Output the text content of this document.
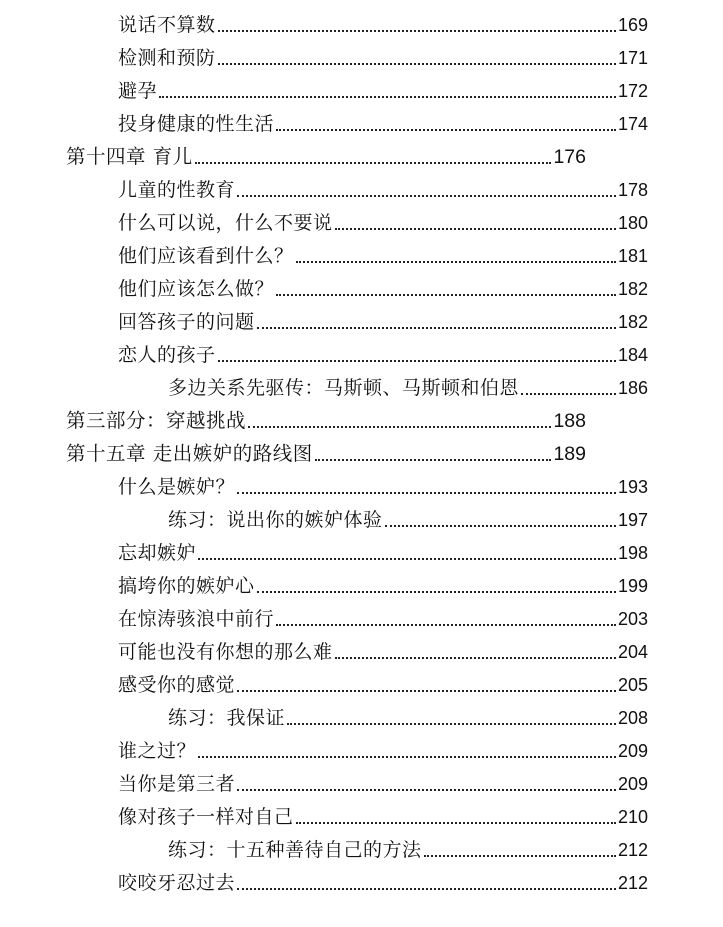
说话不算数	169
检测和预防	171
避孕	172
投身健康的性生活	174
第十四章 育儿	176
儿童的性教育	178
什么可以说，什么不要说	180
他们应该看到什么？	181
他们应该怎么做？	182
回答孩子的问题	182
恋人的孩子	184
多边关系先驱传：马斯顿、马斯顿和伯恩	186
第三部分：穿越挑战	188
第十五章 走出嫉妒的路线图	189
什么是嫉妒？	193
练习：说出你的嫉妒体验	197
忘却嫉妒	198
搞垮你的嫉妒心	199
在惊涛骇浪中前行	203
可能也没有你想的那么难	204
感受你的感觉	205
练习：我保证	208
谁之过？	209
当你是第三者	209
像对孩子一样对自己	210
练习：十五种善待自己的方法	212
咬咬牙忍过去	212
